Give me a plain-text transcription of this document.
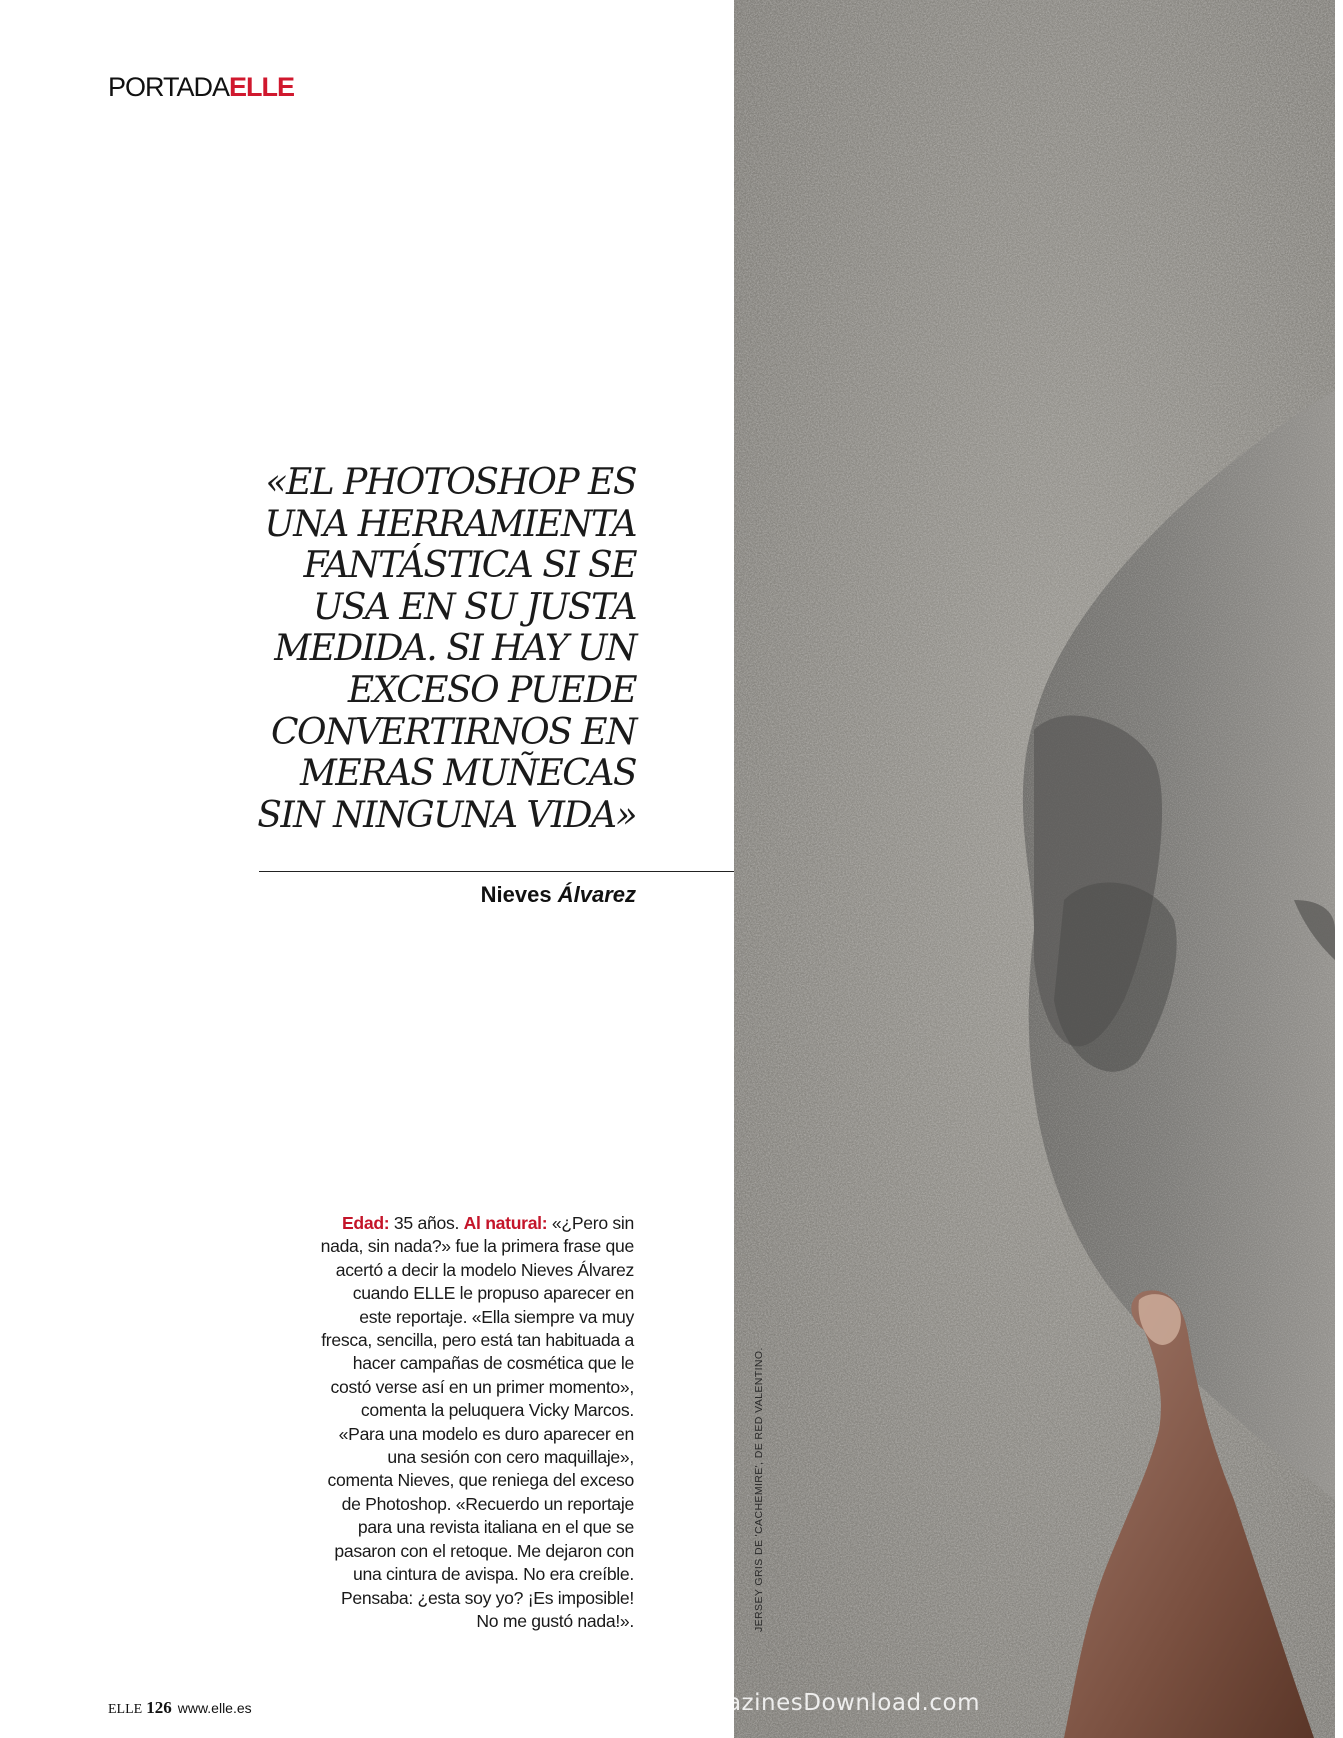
PORTADAELLE
«EL PHOTOSHOP ES
UNA HERRAMIENTA
FANTÁSTICA SI SE
USA EN SU JUSTA
MEDIDA. SI HAY UN
EXCESO PUEDE
CONVERTIRNOS EN
MERAS MUÑECAS
SIN NINGUNA VIDA»
Nieves Álvarez
Edad: 35 años. Al natural: «¿Pero sin nada, sin nada?» fue la primera frase que acertó a decir la modelo Nieves Álvarez cuando ELLE le propuso aparecer en este reportaje. «Ella siempre va muy fresca, sencilla, pero está tan habituada a hacer campañas de cosmética que le costó verse así en un primer momento», comenta la peluquera Vicky Marcos. «Para una modelo es duro aparecer en una sesión con cero maquillaje», comenta Nieves, que reniega del exceso de Photoshop. «Recuerdo un reportaje para una revista italiana en el que se pasaron con el retoque. Me dejaron con una cintura de avispa. No era creíble. Pensaba: ¿esta soy yo? ¡Es imposible! No me gustó nada!».	JERSEY GRIS DE 'CACHEMIRE', DE RED VALENTINO.
ELLE 126 www.elle.es	Find more magazines at: MagazinesDownload.com
